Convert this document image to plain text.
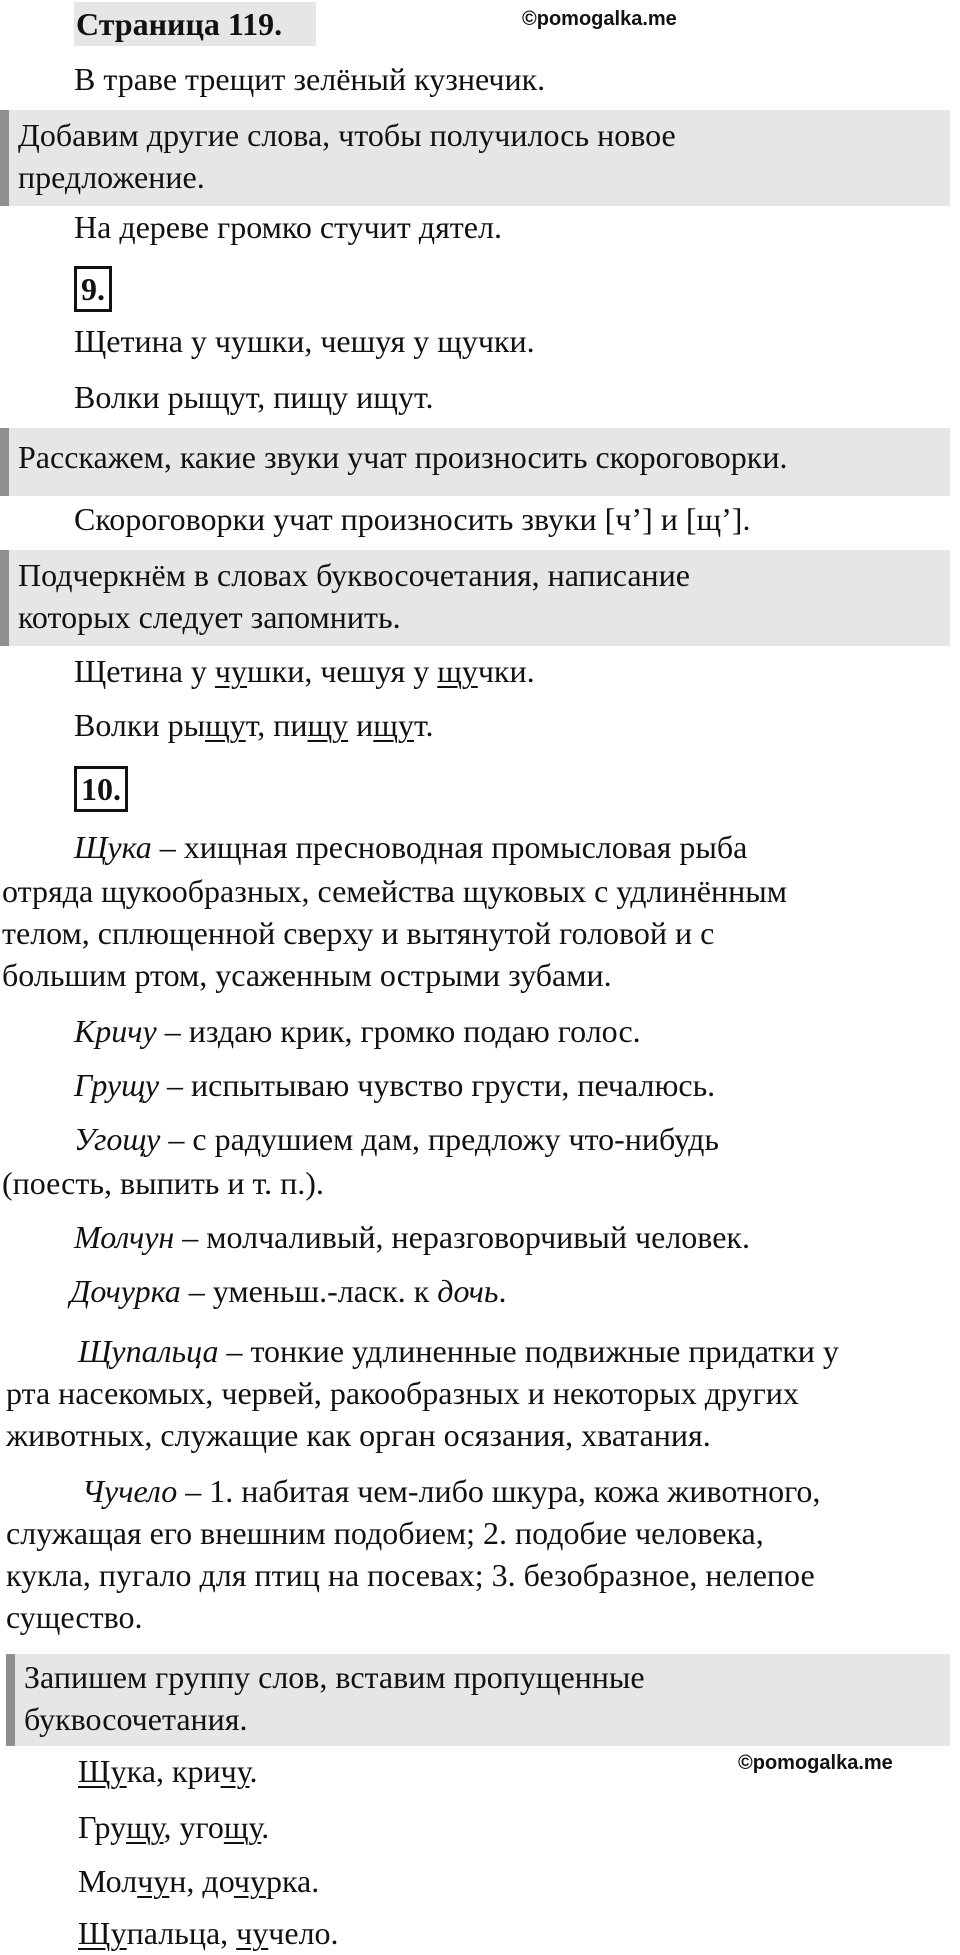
Страница 119.	©pomogalka.me
В траве трещит зелёный кузнечик.
Добавим другие слова, чтобы получилось новое
предложение.
На дереве громко стучит дятел.
9.
Щетина у чушки, чешуя у щучки.
Волки рыщут, пищу ищут.
Расскажем, какие звуки учат произносить скороговорки.
Скороговорки учат произносить звуки [ч’] и [щ’].
Подчеркнём в словах буквосочетания, написание
которых следует запомнить.
Щетина у чушки, чешуя у щучки.
Волки рыщут, пищу ищут.
10.
Щука – хищная пресноводная промысловая рыба
отряда щукообразных, семейства щуковых с удлинённым
телом, сплющенной сверху и вытянутой головой и с
большим ртом, усаженным острыми зубами.
Кричу – издаю крик, громко подаю голос.
Грущу – испытываю чувство грусти, печалюсь.
Угощу – с радушием дам, предложу что-нибудь
(поесть, выпить и т. п.).
Молчун – молчаливый, неразговорчивый человек.
Дочурка – уменьш.-ласк. к дочь.
Щупальца – тонкие удлиненные подвижные придатки у
рта насекомых, червей, ракообразных и некоторых других
животных, служащие как орган осязания, хватания.
Чучело – 1. набитая чем-либо шкура, кожа животного,
служащая его внешним подобием; 2. подобие человека,
кукла, пугало для птиц на посевах; 3. безобразное, нелепое
существо.
Запишем группу слов, вставим пропущенные
буквосочетания.
Щука, кричу.	©pomogalka.me
Грущу, угощу.
Молчун, дочурка.
Щупальца, чучело.
